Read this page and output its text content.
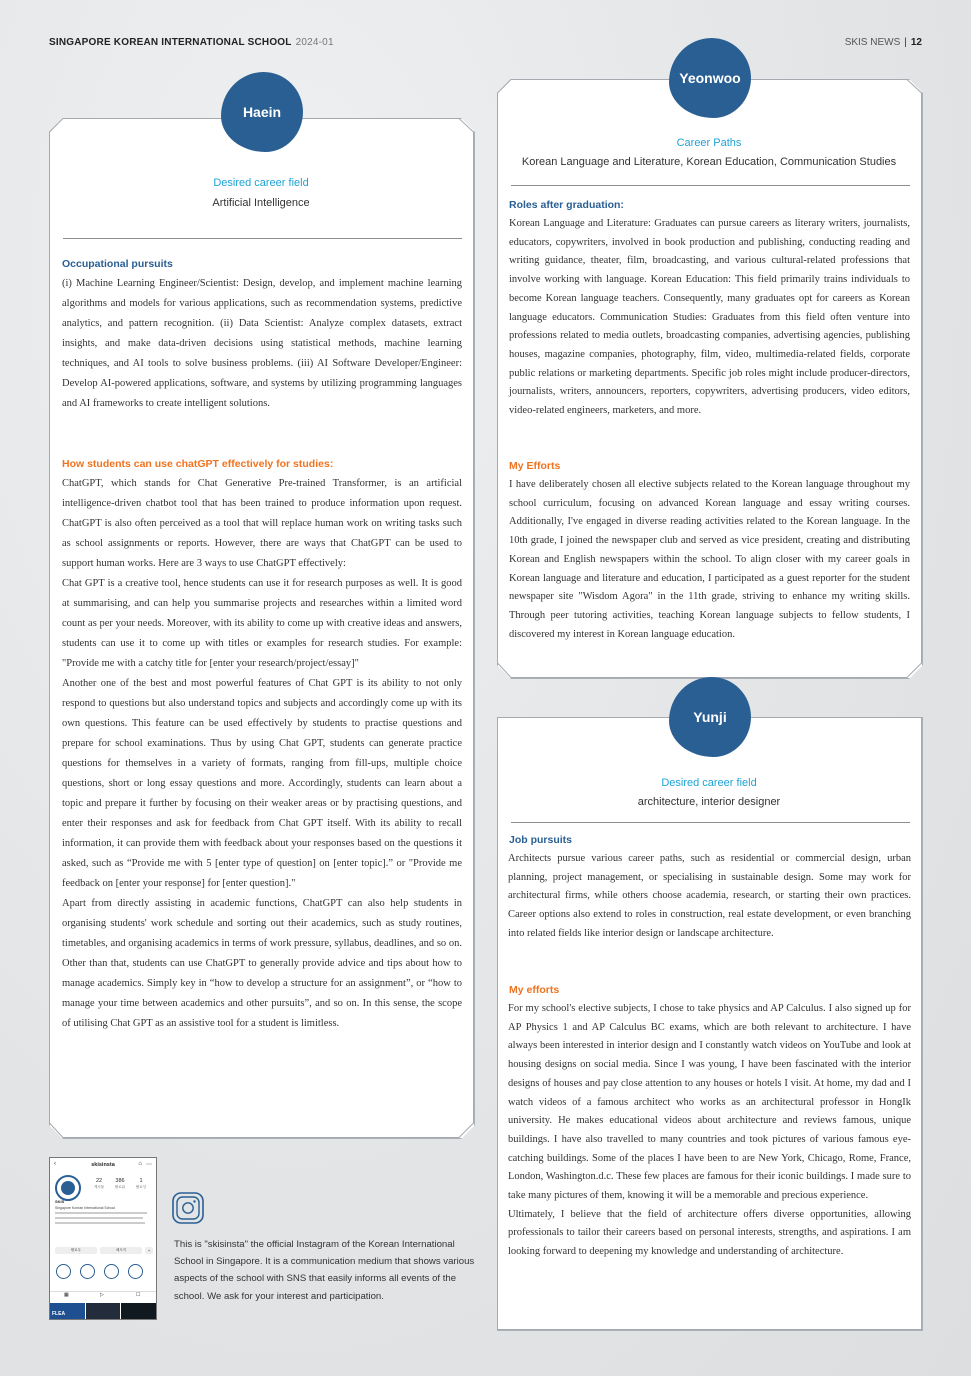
SINGAPORE KOREAN INTERNATIONAL SCHOOL 2024-01	SKIS NEWS | 12
Haein
Desired career field
Artificial Intelligence
Occupational pursuits

(i) Machine Learning Engineer/Scientist: Design, develop, and implement machine learning algorithms and models for various applications, such as recommendation systems, predictive analytics, and pattern recognition. (ii) Data Scientist: Analyze complex datasets, extract insights, and make data-driven decisions using statistical methods, machine learning techniques, and AI tools to solve business problems. (iii) AI Software Developer/Engineer: Develop AI-powered applications, software, and systems by utilizing programming languages and AI frameworks to create intelligent solutions.

How students can use chatGPT effectively for studies:

ChatGPT, which stands for Chat Generative Pre-trained Transformer, is an artificial intelligence-driven chatbot tool that has been trained to produce information upon request. ChatGPT is also often perceived as a tool that will replace human work on writing tasks such as school assignments or reports. However, there are ways that ChatGPT can be used to support human works. Here are 3 ways to use ChatGPT effectively:

Chat GPT is a creative tool, hence students can use it for research purposes as well. It is good at summarising, and can help you summarise projects and researches within a limited word count as per your needs. Moreover, with its ability to come up with creative ideas and answers, students can use it to come up with titles or examples for research studies. For example: "Provide me with a catchy title for [enter your research/project/essay]"

Another one of the best and most powerful features of Chat GPT is its ability to not only respond to questions but also understand topics and subjects and accordingly come up with its own questions. This feature can be used effectively by students to practise questions and prepare for school examinations. Thus by using Chat GPT, students can generate practice questions for themselves in a variety of formats, ranging from fill-ups, multiple choice questions, short or long essay questions and more. Accordingly, students can learn about a topic and prepare it further by focusing on their weaker areas or by practising questions, and enter their responses and ask for feedback from Chat GPT itself. With its ability to recall information, it can provide them with feedback about your responses based on the questions it asked, such as “Provide me with 5 [enter type of question] on [enter topic].” or "Provide me feedback on [enter your response] for [enter question]."

Apart from directly assisting in academic functions, ChatGPT can also help students in organising students' work schedule and sorting out their academics, such as study routines, timetables, and organising academics in terms of work pressure, syllabus, deadlines, and so on. Other than that, students can use ChatGPT to generally provide advice and tips about how to manage academics. Simply key in “how to develop a structure for an assignment”, or “how to manage your time between academics and other pursuits”, and so on. In this sense, the scope of utilising Chat GPT as an assistive tool for a student is limitless.

Yeonwoo
Career Paths
Korean Language and Literature, Korean Education, Communication Studies
Roles after graduation:

Korean Language and Literature: Graduates can pursue careers as literary writers, journalists, educators, copywriters, involved in book production and publishing, conducting reading and writing guidance, theater, film, broadcasting, and various cultural-related professions that involve working with language. Korean Education: This field primarily trains individuals to become Korean language teachers. Consequently, many graduates opt for careers as Korean language educators. Communication Studies: Graduates from this field often venture into professions related to media outlets, broadcasting companies, advertising agencies, publishing houses, magazine companies, photography, film, video, multimedia-related fields, corporate public relations or marketing departments. Specific job roles might include producer-directors, journalists, writers, announcers, reporters, copywriters, advertising producers, video editors, video-related engineers, marketers, and more.

My Efforts

I have deliberately chosen all elective subjects related to the Korean language throughout my school curriculum, focusing on advanced Korean language and essay writing courses. Additionally, I've engaged in diverse reading activities related to the Korean language. In the 10th grade, I joined the newspaper club and served as vice president, creating and distributing Korean and English newspapers within the school. To align closer with my career goals in Korean language and literature and education, I participated as a guest reporter for the student newspaper site "Wisdom Agora" in the 11th grade, striving to enhance my writing skills. Through peer tutoring activities, teaching Korean language subjects to fellow students, I discovered my interest in Korean language education.

Yunji
Desired career field
architecture, interior designer
Job pursuits

Architects pursue various career paths, such as residential or commercial design, urban planning, project management, or specialising in sustainable design. Some may work for architectural firms, while others choose academia, research, or starting their own practices. Career options also extend to roles in construction, real estate development, or even branching into related fields like interior design or landscape architecture.

My efforts

For my school's elective subjects, I chose to take physics and AP Calculus. I also signed up for AP Physics 1 and AP Calculus BC exams, which are both relevant to architecture. I have always been interested in interior design and I constantly watch videos on YouTube and look at housing designs on social media. Since I was young, I have been fascinated with the interior designs of houses and pay close attention to any houses or hotels I visit. At home, my dad and I watch videos of a famous architect who works as an architectural professor in HongIk university. He makes educational videos about architecture and reviews famous, unique buildings. I have also travelled to many countries and took pictures of various famous eye-catching buildings. Some of the places I have been to are New York, Chicago, Rome, France, London, Washington.d.c. These few places are famous for their iconic buildings. I made sure to take many pictures of them, knowing it will be a memorable and precious experience.

Ultimately, I believe that the field of architecture offers diverse opportunities, allowing professionals to tailor their careers based on personal interests, strengths, and aspirations. I am looking forward to deepening my knowledge and understanding of architecture.

‹	skisinsta	⌂ ⋯
22
게시물
386
팔로워
1
팔로잉
SKIS
Singapore Korean International School
팔로우	메시지	+
▦	▷	☐
FLEA
This is "skisinsta" the official Instagram of the Korean International School in Singapore. It is a communication medium that shows various aspects of the school with SNS that easily informs all events of the school. We ask for your interest and participation.
